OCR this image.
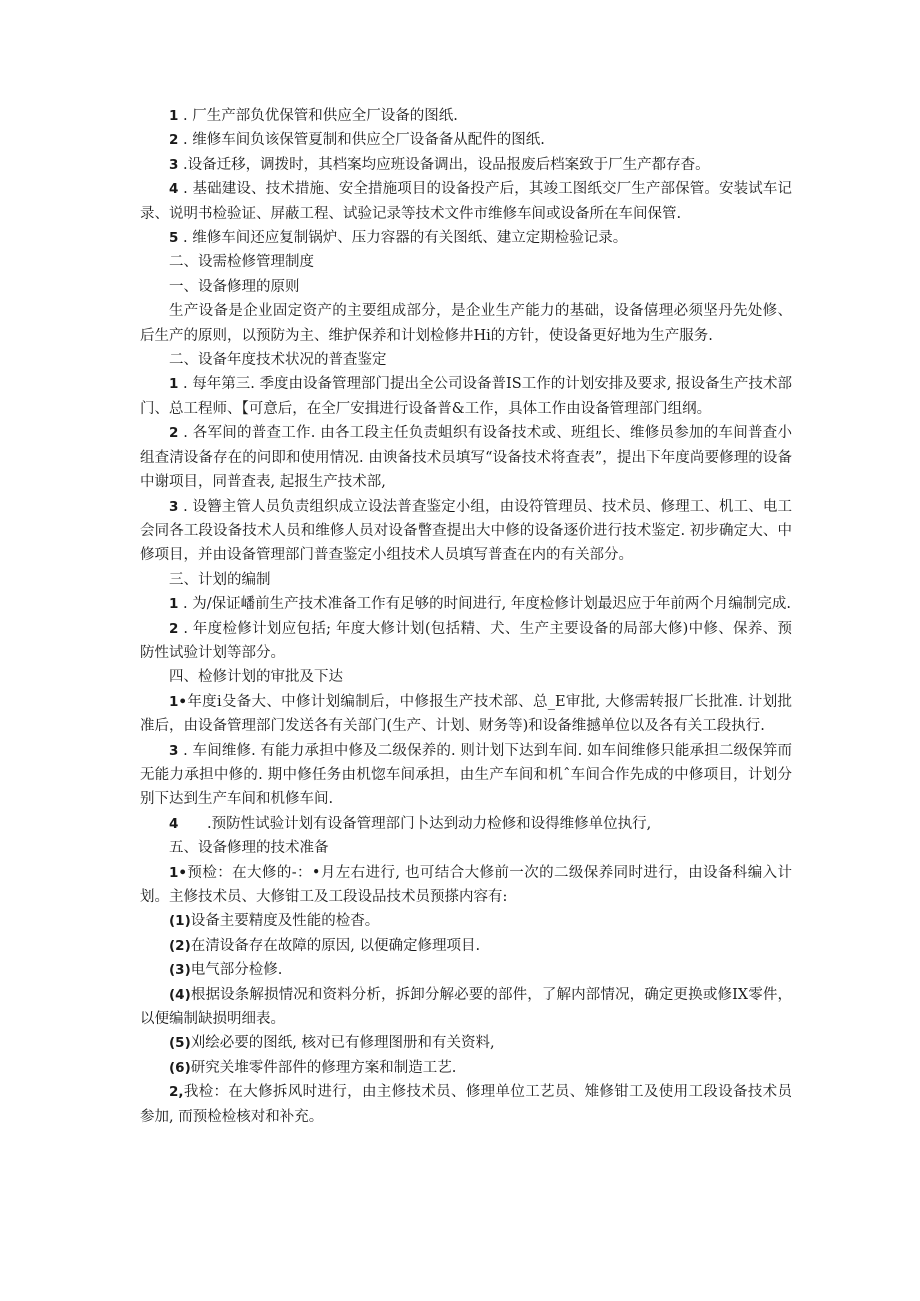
1 . 厂生产部负优保管和供应全厂设备的图纸.

2 . 维修车间负该保管夏制和供应仝厂设备备从配件的图纸.

3 .设备迁移，调拨时，其档案均应班设备调出，设品报废后档案致于厂生产都存杳。

4 . 基础建设、技术措施、安全措施项目的设备投产后，其竣工图纸交厂生产部保管。安装试车记录、说明书检验证、屏蔽工程、试验记录等技术文件市维修车间或设备所在车间保管.

5 . 维修车间还应复制锅炉、压力容器的有关图纸、建立定期检验记录。

二、设需检修管理制度

一、设备修理的原则

生产设备是企业固定资产的主要组成部分，是企业生产能力的基础，设备僖理必须坚丹先处修、后生产的原则，以预防为主、维护保养和计划检修井Hi的方针，使设备更好地为生产服务.

二、设备年度技术状况的普査鉴定

1 . 每年第三. 季度由设备管理部门提出全公司设备普IS工作的计划安排及要求, 报设备生产技术部门、总工程师、【可意后，在全厂安揖进行设备普&工作，具体工作由设备管理部门组纲。

2 . 各军间的普查工作. 由各工段主任负责蛆织有设备技术或、班组长、维修员参加的车间普査小组査清设备存在的问即和使用情况. 由谀备技术员填写“设备技术将査表”，提出下年度尚要修理的设备中谢项目，同普査表, 起报生产技术部,

3 . 设簪主管人员负责组织成立设法普査鉴定小组，由设符管理员、技术员、修理工、机工、电工会同各工段设备技术人员和维修人员对设备瞥查提出大中修的设备逐价进行技术鉴定. 初步确定大、中修项目，并由设备管理部门普查鉴定小组技术人员填写普査在内的有关部分。

三、计划的编制

1 . 为/保证嶓前生产技术准备工作有足够的时间进行, 年度检修计划最迟应于年前两个月编制完成.

2 . 年度检修计划应包括; 年度大修计划(包括精、犬、生产主要设备的局部大修)中修、保养、预防性试验计划等部分。

四、检修计划的审批及下达

1•年度i殳备大、中修计划编制后，中修报生产技术部、总_E审批, 大修需转报厂长批准. 计划批准后，由设备管理部门发送各有关部门(生产、计划、财务等)和设备维撼单位以及各有关工段执行.

3 . 车间维修. 有能力承担中修及二级保养的. 则计划下达到车间. 如车间维修只能承担二级保笄而无能力承担中修的. 期中修任务由机惚车间承担，由生产车间和机ˆ车间合作先成的中修项目，计划分别下达到生产车间和机修车间.

4 .预防性试验计划有设备管理部门卜达到动力检修和设得维修单位执行,

五、设备修理的技术准备

1•预检：在大修的-：•月左右进行, 也可结合大修前一次的二级保养同时进行，由设备科编入计划。主修技术员、大修钳工及工段设品技术员预搽内容有:

(1)设备主要精度及性能的检杳。

(2)在清设备存在故障的原因, 以便确定修理项目.

(3)电气部分检修.

(4)根据设条解损情况和资料分析，拆卸分解必要的部件，了解内部情况，确定更换或修IX零件，以便编制缺损明细表。

(5)刈绘必要的图纸, 核对已有修理图册和有关资料,

(6)研究关堆零件部件的修理方案和制造工艺.

2,我检：在大修拆风时进行，由主修技术员、修理单位工艺员、雉修钳工及使用工段设备技术员参加, 而预检检核对和补充。
